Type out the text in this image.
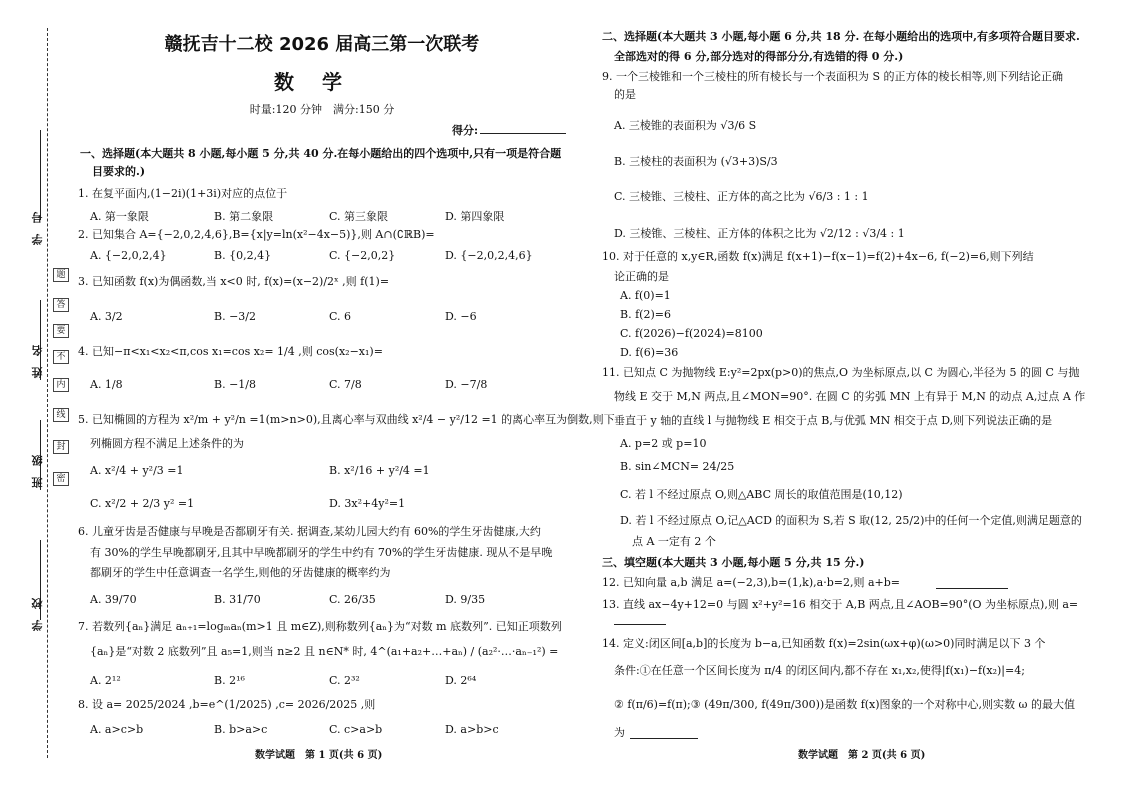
学　号
姓　名
班　级
学　校
题
答
要
不
内
线
封
密
赣抚吉十二校 2026 届高三第一次联考
数学
时量:120 分钟　满分:150 分
得分:
一、选择题(本大题共 8 小题,每小题 5 分,共 40 分.在每小题给出的四个选项中,只有一项是符合题
目要求的.)
1. 在复平面内,(1−2i)(1+3i)对应的点位于
A. 第一象限	B. 第二象限	C. 第三象限	D. 第四象限
2. 已知集合 A={−2,0,2,4,6},B={x|y=ln(x²−4x−5)},则 A∩(∁ℝB)=
A. {−2,0,2,4}	B. {0,2,4}	C. {−2,0,2}	D. {−2,0,2,4,6}
3. 已知函数 f(x)为偶函数,当 x<0 时, f(x)=(x−2)/2ˣ ,则 f(1)=
A. 3/2	B. −3/2	C. 6	D. −6
4. 已知−π<x₁<x₂<π,cos x₁=cos x₂= 1/4 ,则 cos(x₂−x₁)=
A. 1/8	B. −1/8	C. 7/8	D. −7/8
5. 已知椭圆的方程为 x²/m + y²/n =1(m>n>0),且离心率与双曲线 x²/4 − y²/12 =1 的离心率互为倒数,则下
列椭圆方程不满足上述条件的为
A. x²/4 + y²/3 =1	B. x²/16 + y²/4 =1
C. x²/2 + 2/3 y² =1	D. 3x²+4y²=1
6. 儿童牙齿是否健康与早晚是否都刷牙有关. 据调查,某幼儿园大约有 60%的学生牙齿健康,大约
有 30%的学生早晚都刷牙,且其中早晚都刷牙的学生中约有 70%的学生牙齿健康. 现从不是早晚
都刷牙的学生中任意调查一名学生,则他的牙齿健康的概率约为
A. 39/70	B. 31/70	C. 26/35	D. 9/35
7. 若数列{aₙ}满足 aₙ₊₁=logₘaₙ(m>1 且 m∈Z),则称数列{aₙ}为“对数 m 底数列”. 已知正项数列
{aₙ}是“对数 2 底数列”且 a₅=1,则当 n≥2 且 n∈N* 时, 4^(a₁+a₂+…+aₙ) / (a₂²·…·aₙ₋₁²) =
A. 2¹²	B. 2¹⁶	C. 2³²	D. 2⁶⁴
8. 设 a= 2025/2024 ,b=e^(1/2025) ,c= 2026/2025 ,则
A. a>c>b	B. b>a>c	C. c>a>b	D. a>b>c
数学试题　第 1 页(共 6 页)
二、选择题(本大题共 3 小题,每小题 6 分,共 18 分. 在每小题给出的选项中,有多项符合题目要求.
全部选对的得 6 分,部分选对的得部分分,有选错的得 0 分.)
9. 一个三棱锥和一个三棱柱的所有棱长与一个表面积为 S 的正方体的棱长相等,则下列结论正确
的是
A. 三棱锥的表面积为 √3/6 S
B. 三棱柱的表面积为 (√3+3)S/3
C. 三棱锥、三棱柱、正方体的高之比为 √6/3 : 1 : 1
D. 三棱锥、三棱柱、正方体的体积之比为 √2/12 : √3/4 : 1
10. 对于任意的 x,y∈R,函数 f(x)满足 f(x+1)−f(x−1)=f(2)+4x−6, f(−2)=6,则下列结
论正确的是
A. f(0)=1
B. f(2)=6
C. f(2026)−f(2024)=8100
D. f(6)=36
11. 已知点 C 为抛物线 E:y²=2px(p>0)的焦点,O 为坐标原点,以 C 为圆心,半径为 5 的圆 C 与抛
物线 E 交于 M,N 两点,且∠MON=90°. 在圆 C 的劣弧 MN 上有异于 M,N 的动点 A,过点 A 作
垂直于 y 轴的直线 l 与抛物线 E 相交于点 B,与优弧 MN 相交于点 D,则下列说法正确的是
A. p=2 或 p=10
B. sin∠MCN= 24/25
C. 若 l 不经过原点 O,则△ABC 周长的取值范围是(10,12)
D. 若 l 不经过原点 O,记△ACD 的面积为 S,若 S 取(12, 25/2)中的任何一个定值,则满足题意的
点 A 一定有 2 个
三、填空题(本大题共 3 小题,每小题 5 分,共 15 分.)
12. 已知向量 a,b 满足 a=(−2,3),b=(1,k),a·b=2,则 a+b=
13. 直线 ax−4y+12=0 与圆 x²+y²=16 相交于 A,B 两点,且∠AOB=90°(O 为坐标原点),则 a=
14. 定义:闭区间[a,b]的长度为 b−a,已知函数 f(x)=2sin(ωx+φ)(ω>0)同时满足以下 3 个
条件:①在任意一个区间长度为 π/4 的闭区间内,都不存在 x₁,x₂,使得|f(x₁)−f(x₂)|=4;
② f(π/6)=f(π);③ (49π/300, f(49π/300))是函数 f(x)图象的一个对称中心,则实数 ω 的最大值
为
数学试题　第 2 页(共 6 页)
